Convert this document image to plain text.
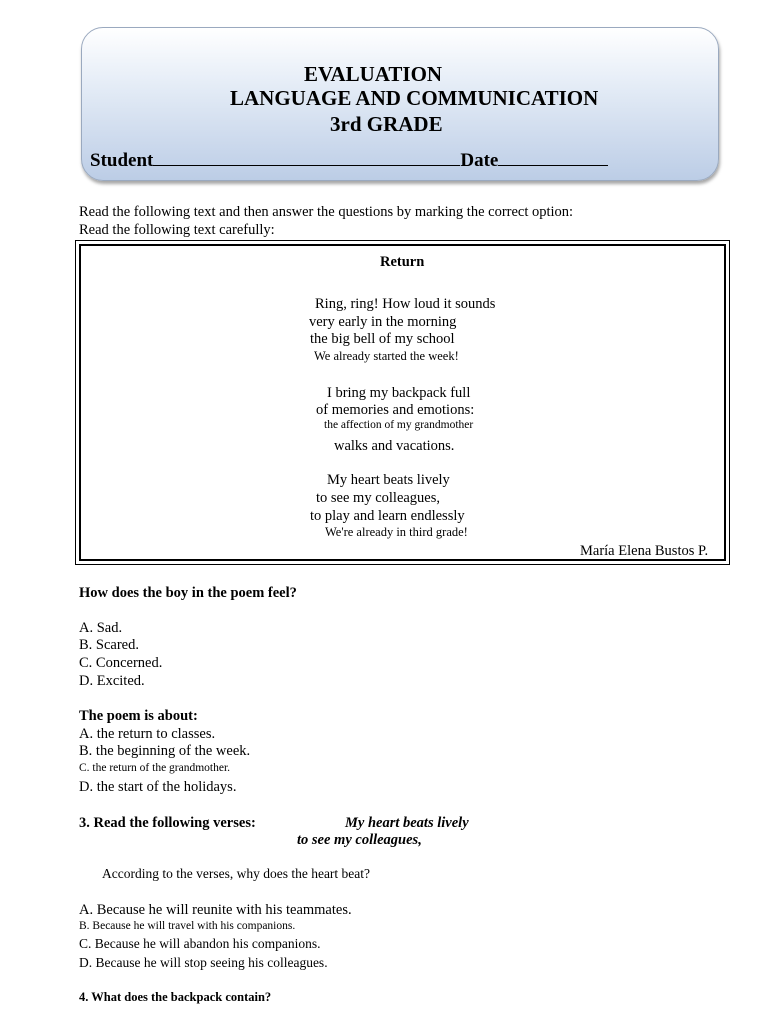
EVALUATION
LANGUAGE AND COMMUNICATION
3rd GRADE
Student	Date
Read the following text and then answer the questions by marking the correct option:
Read the following text carefully:
Return
Ring, ring! How loud it sounds
very early in the morning
the big bell of my school
We already started the week!
I bring my backpack full
of memories and emotions:
the affection of my grandmother
walks and vacations.
My heart beats lively
to see my colleagues,
to play and learn endlessly
We're already in third grade!
María Elena Bustos P.
How does the boy in the poem feel?
A. Sad.
B. Scared.
C. Concerned.
D. Excited.
The poem is about:
A. the return to classes.
B. the beginning of the week.
C. the return of the grandmother.
D. the start of the holidays.
3. Read the following verses:	My heart beats lively
to see my colleagues,
According to the verses, why does the heart beat?
A. Because he will reunite with his teammates.
B. Because he will travel with his companions.
C. Because he will abandon his companions.
D. Because he will stop seeing his colleagues.
4. What does the backpack contain?
